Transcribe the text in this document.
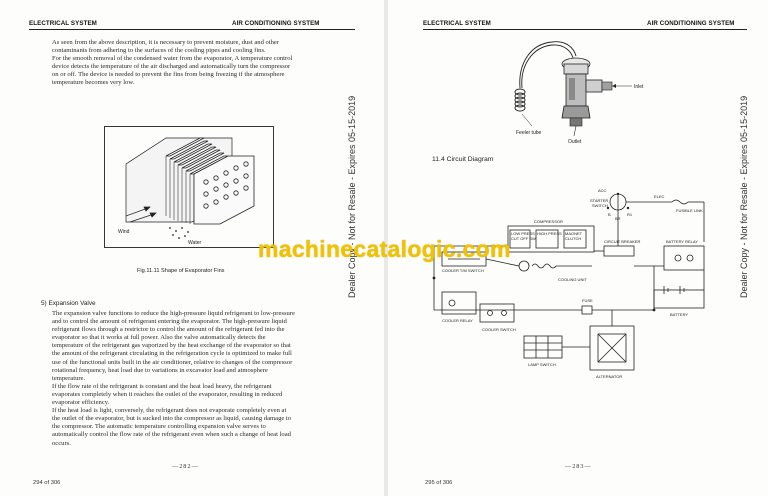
ELECTRICAL SYSTEM	AIR CONDITIONING SYSTEM

As seen from the above description, it is necessary to prevent moisture, dust and other

contaminants from adhering to the surfaces of the cooling pipes and cooling fins.

For the smooth removal of the condensed water from the evaporator, A temperature control

device detects the temperature of the air discharged and automatically turn the compressor

on or off. The device is needed to prevent the fins from being freezing if the atmosphere

temperature becomes very low.

Wind
Water
Fig.11.11 Shape of Evaporator Fins
5) Expansion Valve

The expansion valve functions to reduce the high-pressure liquid refrigerant to low-pressure

and to control the amount of refrigerant entering the evaporator. The high-pressure liquid

refrigerant flows through a restrictor to control the amount of the refrigerant fed into the

evaporator so that it works at full power. Also the valve automatically detects the

temperature of the refrigerant gas vaporized by the heat exchange of the evaporator so that

the amount of the refrigerant circulating in the refrigeration cycle is optimized to make full

use of the functional units built in the air conditioner, relative to changes of the compressor

rotational frequency, heat load due to variations in excavator load and atmosphere

temperature.

If the flow rate of the refrigerant is constant and the heat load heavy, the refrigerant

evaporates completely when it reaches the outlet of the evaporator, resulting in reduced

evaporator efficiency.

If the heat load is light, conversely, the refrigerant does not evaporate completely even at

the outlet of the evaporator, but is sucked into the compressor as liquid, causing damage to

the compressor. The automatic temperature controlling expansion valve serves to

automatically control the flow rate of the refrigerant even when such a change of heat load

occurs.

—282—
294 of 306
Dealer Copy - Not for Resale - Expires 05-15-2019
ELECTRICAL SYSTEM	AIR CONDITIONING SYSTEM
Inlet
Feeler tube
Outlet
11.4 Circuit Diagram
ACC
STARTER
SWITCH
B
BR
R1
ELEC
FUSIBLE LINK
COMPRESSOR
LOW PRESS
CUT OFF SW
HIGH PRESS MAGNET
CLUTCH
CIRCUIT BREAKER	BATTERY RELAY
COOLER T/M SWITCH
COOLING UNIT
FUSE
COOLER RELAY
COOLER SWITCH
LAMP SWITCH
BATTERY
ALTERNATOR
—283—
295 of 306
Dealer Copy - Not for Resale - Expires 05-15-2019
machinecatalogic.com
